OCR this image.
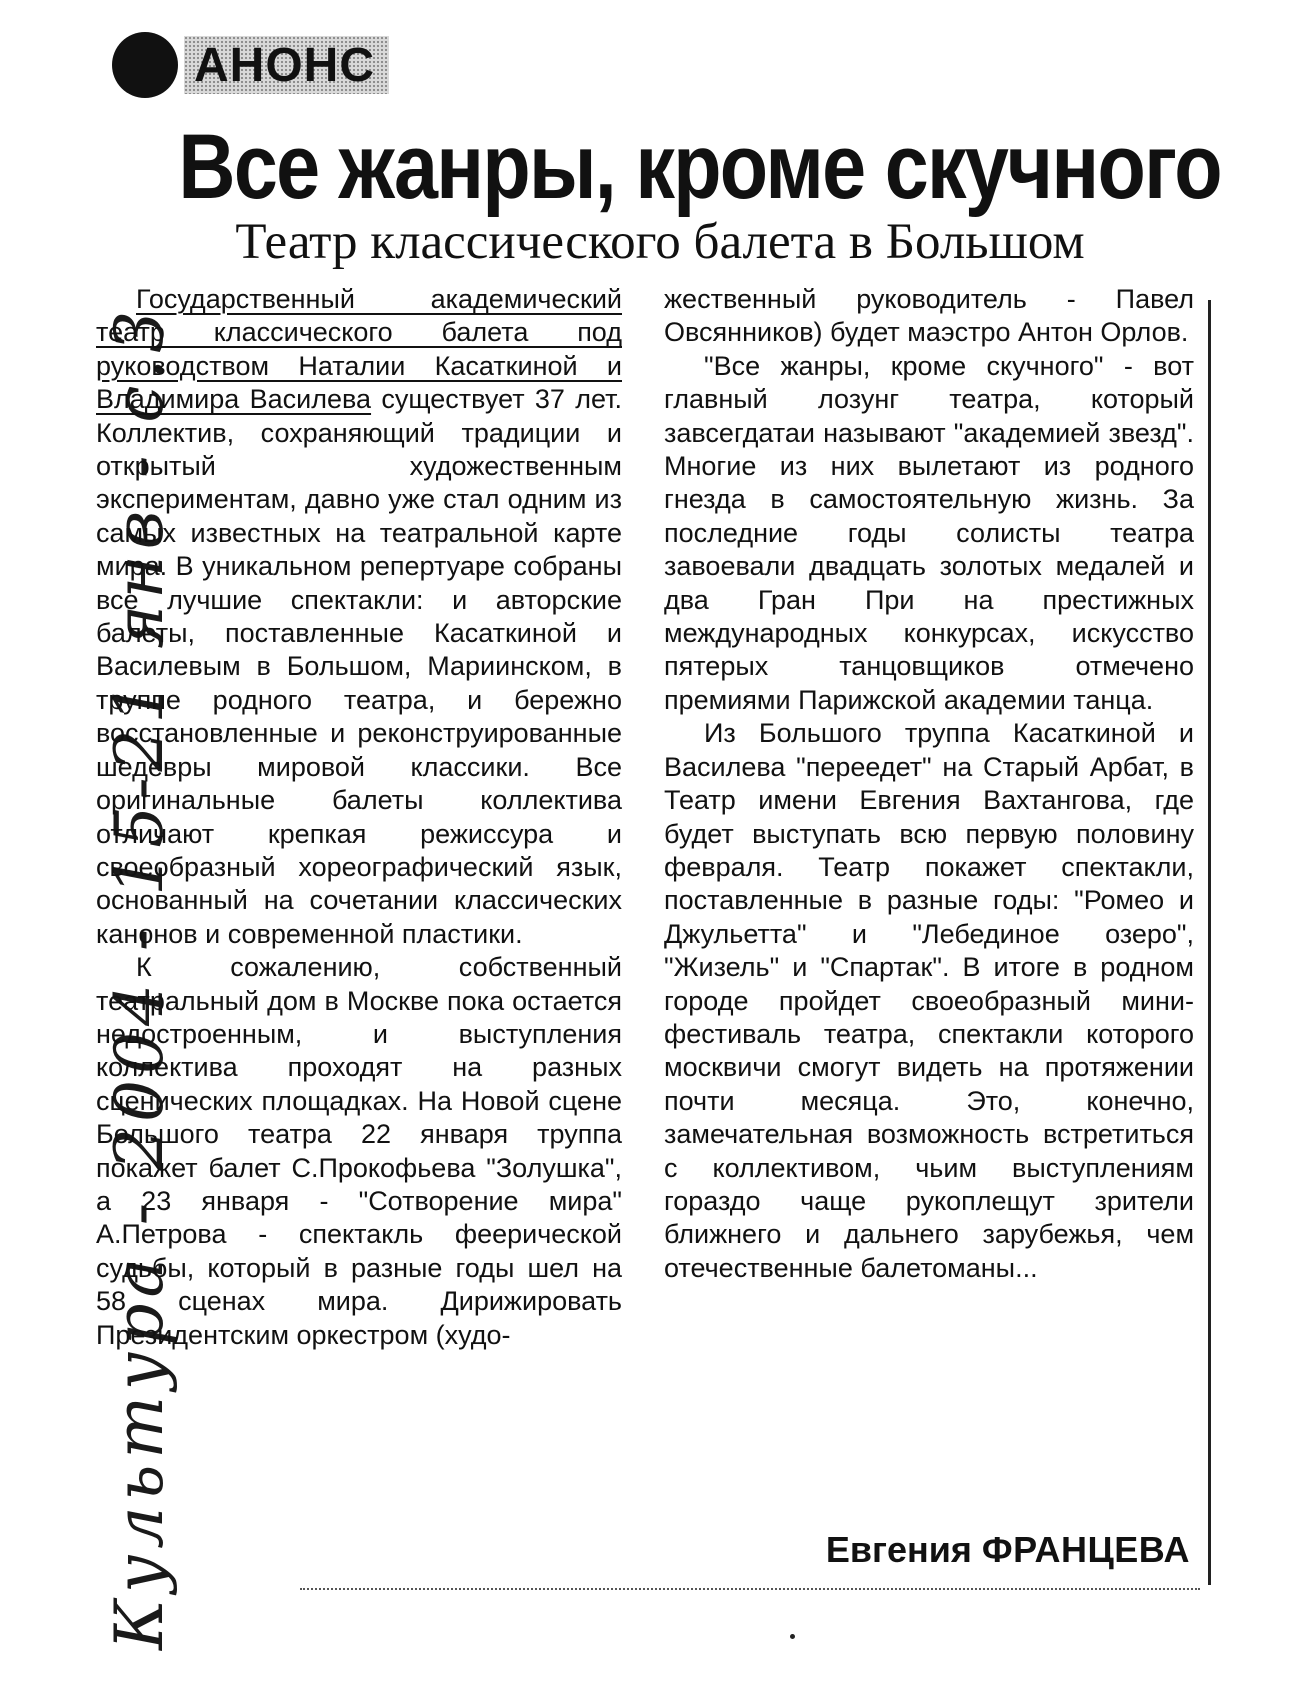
АНОНС
Все жанры, кроме скучного
Театр классического балета в Большом
Культура - 2004 - 15-21 янв - с.3

Государственный академический театр классического балета под руководством Наталии Касаткиной и Владимира Василева существует 37 лет. Коллектив, сохраняющий традиции и открытый художественным экспериментам, давно уже стал одним из самых известных на театральной карте мира. В уникальном репертуаре собраны все лучшие спектакли: и авторские балеты, поставленные Касаткиной и Василевым в Большом, Мариинском, в труппе родного театра, и бережно восстановленные и реконструированные шедевры мировой классики. Все оригинальные балеты коллектива отличают крепкая режиссура и своеобразный хореографический язык, основанный на сочетании классических канонов и современной пластики.

К сожалению, собственный театральный дом в Москве пока остается недостроенным, и выступления коллектива проходят на разных сценических площадках. На Новой сцене Большого театра 22 января труппа покажет балет С.Прокофьева "Золушка", а 23 января - "Сотворение мира" А.Петрова - спектакль феерической судьбы, который в разные годы шел на 58 сценах мира. Дирижировать Президентским оркестром (худо-

жественный руководитель - Павел Овсянников) будет маэстро Антон Орлов.

"Все жанры, кроме скучного" - вот главный лозунг театра, который завсегдатаи называют "академией звезд". Многие из них вылетают из родного гнезда в самостоятельную жизнь. За последние годы солисты театра завоевали двадцать золотых медалей и два Гран При на престижных международных конкурсах, искусство пятерых танцовщиков отмечено премиями Парижской академии танца.

Из Большого труппа Касаткиной и Василева "переедет" на Старый Арбат, в Театр имени Евгения Вахтангова, где будет выступать всю первую половину февраля. Театр покажет спектакли, поставленные в разные годы: "Ромео и Джульетта" и "Лебединое озеро", "Жизель" и "Спартак". В итоге в родном городе пройдет своеобразный мини-фестиваль театра, спектакли которого москвичи смогут видеть на протяжении почти месяца. Это, конечно, замечательная возможность встретиться с коллективом, чьим выступлениям гораздо чаще рукоплещут зрители ближнего и дальнего зарубежья, чем отечественные балетоманы...

Евгения ФРАНЦЕВА
